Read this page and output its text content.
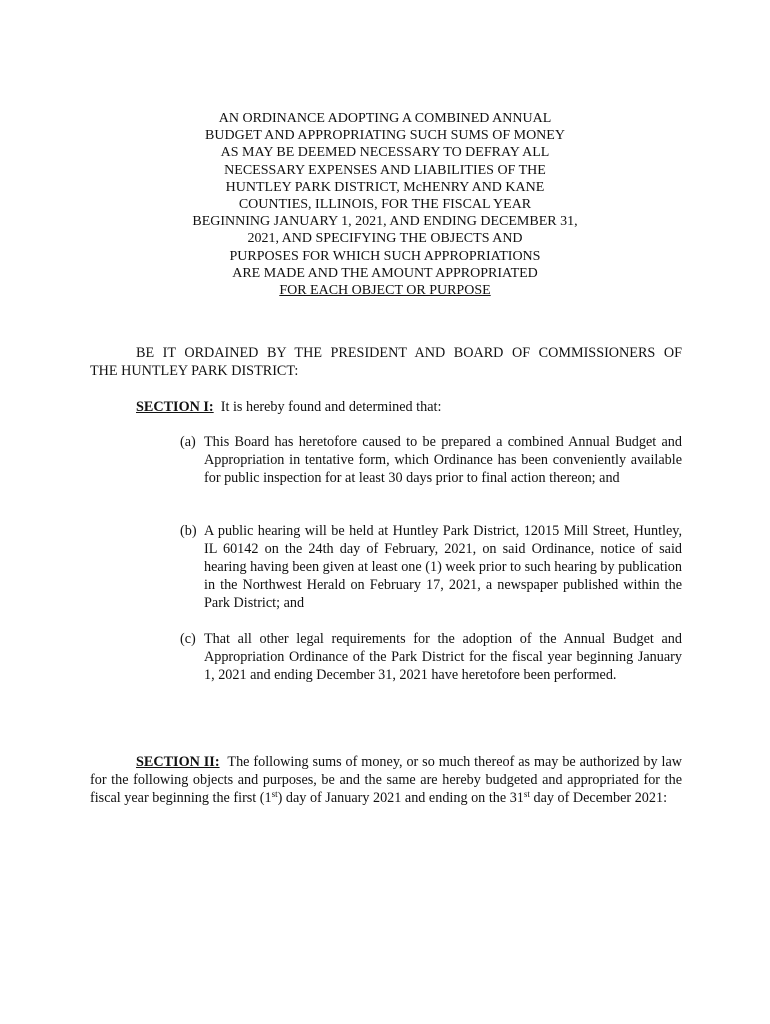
AN ORDINANCE ADOPTING A COMBINED ANNUAL
BUDGET AND APPROPRIATING SUCH SUMS OF MONEY
AS MAY BE DEEMED NECESSARY TO DEFRAY ALL
NECESSARY EXPENSES AND LIABILITIES OF THE
HUNTLEY PARK DISTRICT, McHENRY AND KANE
COUNTIES, ILLINOIS, FOR THE FISCAL YEAR
BEGINNING JANUARY 1, 2021, AND ENDING DECEMBER 31,
2021, AND SPECIFYING THE OBJECTS AND
PURPOSES FOR WHICH SUCH APPROPRIATIONS
ARE MADE AND THE AMOUNT APPROPRIATED
FOR EACH OBJECT OR PURPOSE
BE IT ORDAINED BY THE PRESIDENT AND BOARD OF COMMISSIONERS OF
THE HUNTLEY PARK DISTRICT:
SECTION I: It is hereby found and determined that:
(a) This Board has heretofore caused to be prepared a combined Annual Budget and Appropriation in tentative form, which Ordinance has been conveniently available for public inspection for at least 30 days prior to final action thereon; and
(b) A public hearing will be held at Huntley Park District, 12015 Mill Street, Huntley, IL 60142 on the 24th day of February, 2021, on said Ordinance, notice of said hearing having been given at least one (1) week prior to such hearing by publication in the Northwest Herald on February 17, 2021, a newspaper published within the Park District; and
(c) That all other legal requirements for the adoption of the Annual Budget and Appropriation Ordinance of the Park District for the fiscal year beginning January 1, 2021 and ending December 31, 2021 have heretofore been performed.
SECTION II: The following sums of money, or so much thereof as may be authorized by law for the following objects and purposes, be and the same are hereby budgeted and appropriated for the fiscal year beginning the first (1st) day of January 2021 and ending on the 31st day of December 2021:
